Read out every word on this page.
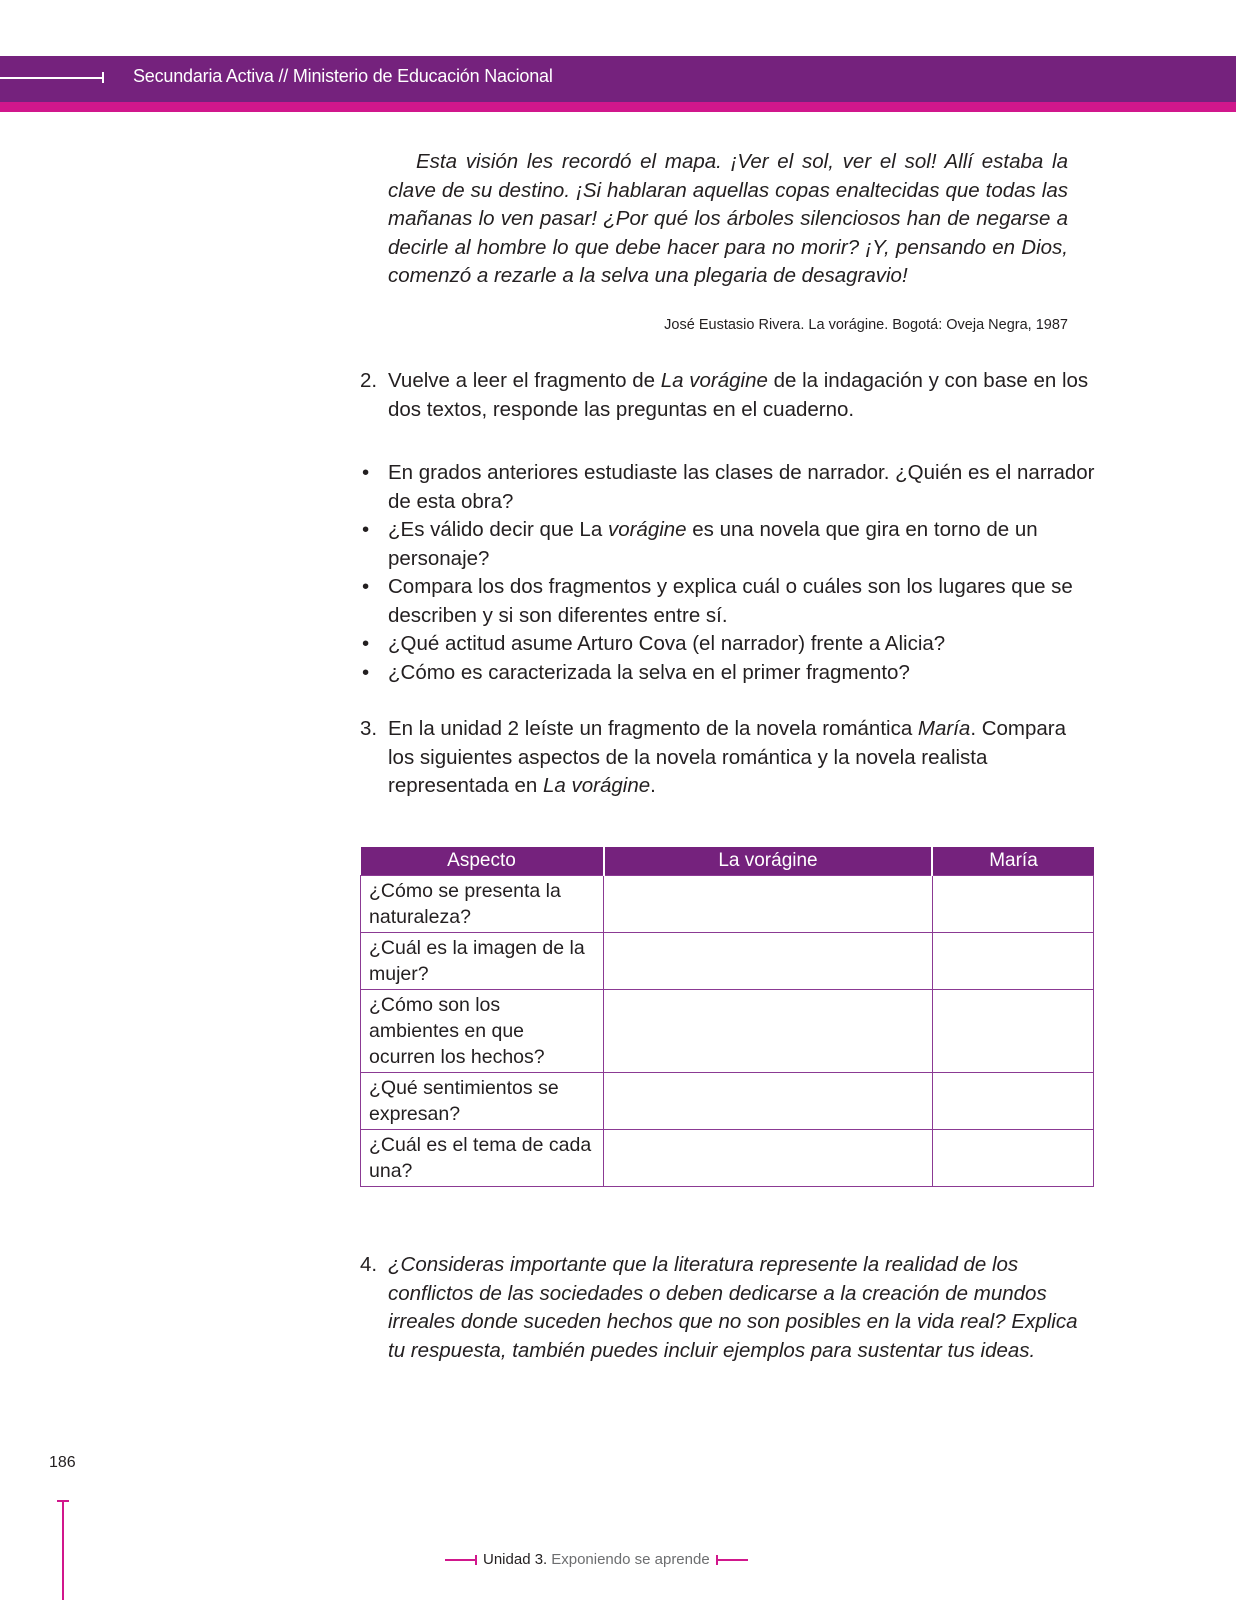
Secundaria Activa // Ministerio de Educación Nacional

Esta visión les recordó el mapa. ¡Ver el sol, ver el sol! Allí estaba la clave de su destino. ¡Si hablaran aquellas copas enaltecidas que todas las mañanas lo ven pasar! ¿Por qué los árboles silenciosos han de negarse a decirle al hombre lo que debe hacer para no morir? ¡Y, pensando en Dios, comenzó a rezarle a la selva una plegaria de desagravio!

José Eustasio Rivera. La vorágine. Bogotá: Oveja Negra, 1987
2. Vuelve a leer el fragmento de La vorágine de la indagación y con base en los dos textos, responde las preguntas en el cuaderno.
• En grados anteriores estudiaste las clases de narrador. ¿Quién es el narrador de esta obra?
• ¿Es válido decir que La vorágine es una novela que gira en torno de un personaje?
• Compara los dos fragmentos y explica cuál o cuáles son los lugares que se describen y si son diferentes entre sí.
• ¿Qué actitud asume Arturo Cova (el narrador) frente a Alicia?
• ¿Cómo es caracterizada la selva en el primer fragmento?
3. En la unidad 2 leíste un fragmento de la novela romántica María. Compara los siguientes aspectos de la novela romántica y la novela realista representada en La vorágine.
Aspecto	La vorágine	María
¿Cómo se presenta la naturaleza?		
¿Cuál es la imagen de la mujer?		
¿Cómo son los ambientes en que ocurren los hechos?		
¿Qué sentimientos se expresan?		
¿Cuál es el tema de cada una?		
4. ¿Consideras importante que la literatura represente la realidad de los conflictos de las sociedades o deben dedicarse a la creación de mundos irreales donde suceden hechos que no son posibles en la vida real? Explica tu respuesta, también puedes incluir ejemplos para sustentar tus ideas.
186
Unidad 3. Exponiendo se aprende
